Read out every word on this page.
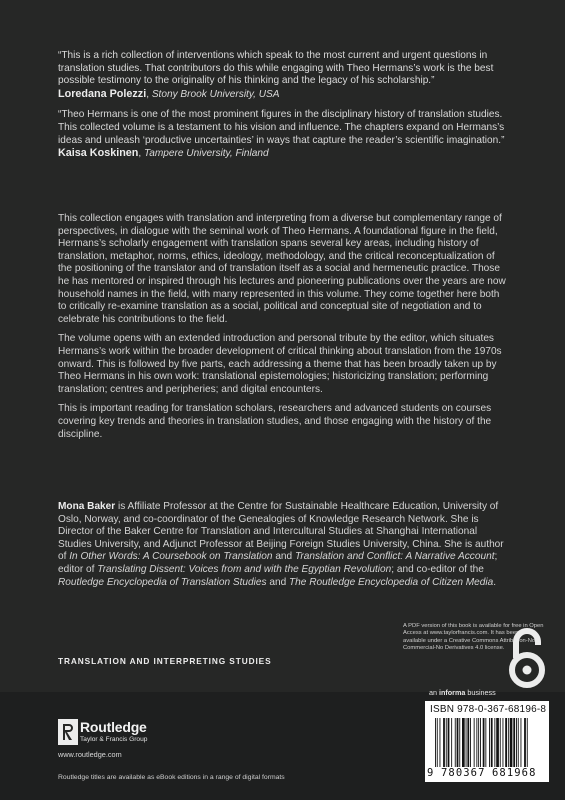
“This is a rich collection of interventions which speak to the most current and urgent questions in translation studies. That contributors do this while engaging with Theo Hermans’s work is the best possible testimony to the originality of his thinking and the legacy of his scholarship.”

Loredana Polezzi, Stony Brook University, USA

“Theo Hermans is one of the most prominent figures in the disciplinary history of translation studies. This collected volume is a testament to his vision and influence. The chapters expand on Hermans’s ideas and unleash ‘productive uncertainties’ in ways that capture the reader’s scientific imagination.”

Kaisa Koskinen, Tampere University, Finland

This collection engages with translation and interpreting from a diverse but complementary range of perspectives, in dialogue with the seminal work of Theo Hermans. A foundational figure in the field, Hermans’s scholarly engagement with translation spans several key areas, including history of translation, metaphor, norms, ethics, ideology, methodology, and the critical reconceptualization of the positioning of the translator and of translation itself as a social and hermeneutic practice. Those he has mentored or inspired through his lectures and pioneering publications over the years are now household names in the field, with many represented in this volume. They come together here both to critically re-examine translation as a social, political and conceptual site of negotiation and to celebrate his contributions to the field.

The volume opens with an extended introduction and personal tribute by the editor, which situates Hermans’s work within the broader development of critical thinking about translation from the 1970s onward. This is followed by five parts, each addressing a theme that has been broadly taken up by Theo Hermans in his own work: translational epistemologies; historicizing translation; performing translation; centres and peripheries; and digital encounters.

This is important reading for translation scholars, researchers and advanced students on courses covering key trends and theories in translation studies, and those engaging with the history of the discipline.

Mona Baker is Affiliate Professor at the Centre for Sustainable Healthcare Education, University of Oslo, Norway, and co-coordinator of the Genealogies of Knowledge Research Network. She is Director of the Baker Centre for Translation and Intercultural Studies at Shanghai International Studies University, and Adjunct Professor at Beijing Foreign Studies University, China. She is author of In Other Words: A Coursebook on Translation and Translation and Conflict: A Narrative Account; editor of Translating Dissent: Voices from and with the Egyptian Revolution; and co-editor of the Routledge Encyclopedia of Translation Studies and The Routledge Encyclopedia of Citizen Media.
TRANSLATION AND INTERPRETING STUDIES
A PDF version of this book is available for free in Open Access at www.taylorfrancis.com. It has been made available under a Creative Commons Attribution-Non Commercial-No Derivatives 4.0 license.
an informa business
ISBN 978-0-367-68196-8
9 780367 681968
Routledge
Taylor & Francis Group
www.routledge.com
Routledge titles are available as eBook editions in a range of digital formats
